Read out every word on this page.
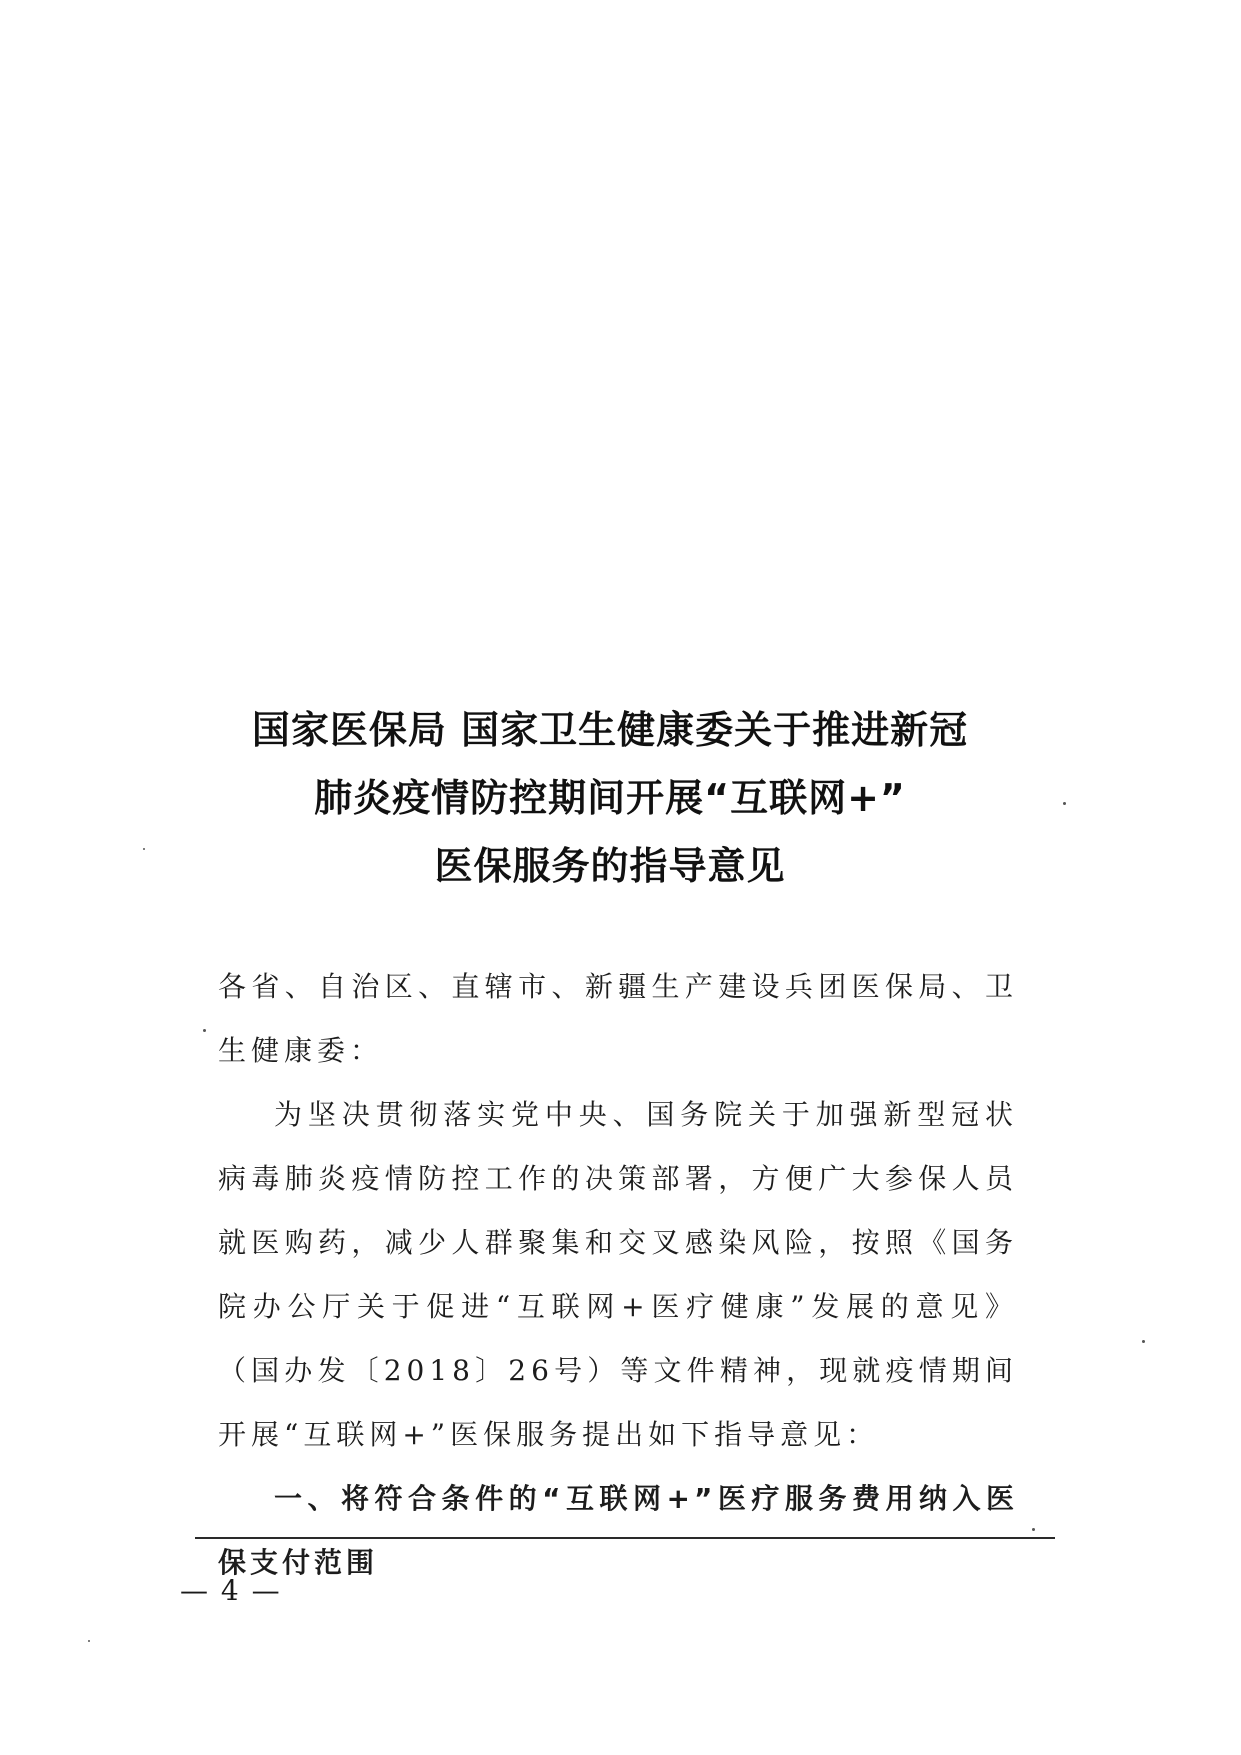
国家医保局 国家卫生健康委关于推进新冠
肺炎疫情防控期间开展“互联网+”
医保服务的指导意见

各省、自治区、直辖市、新疆生产建设兵团医保局、卫生健康委：

为坚决贯彻落实党中央、国务院关于加强新型冠状病毒肺炎疫情防控工作的决策部署，方便广大参保人员就医购药，减少人群聚集和交叉感染风险，按照《国务院办公厅关于促进“互联网+医疗健康”发展的意见》（国办发〔2018〕26号）等文件精神，现就疫情期间开展“互联网+”医保服务提出如下指导意见：

一、将符合条件的“互联网+”医疗服务费用纳入医保支付范围

— 4 —
